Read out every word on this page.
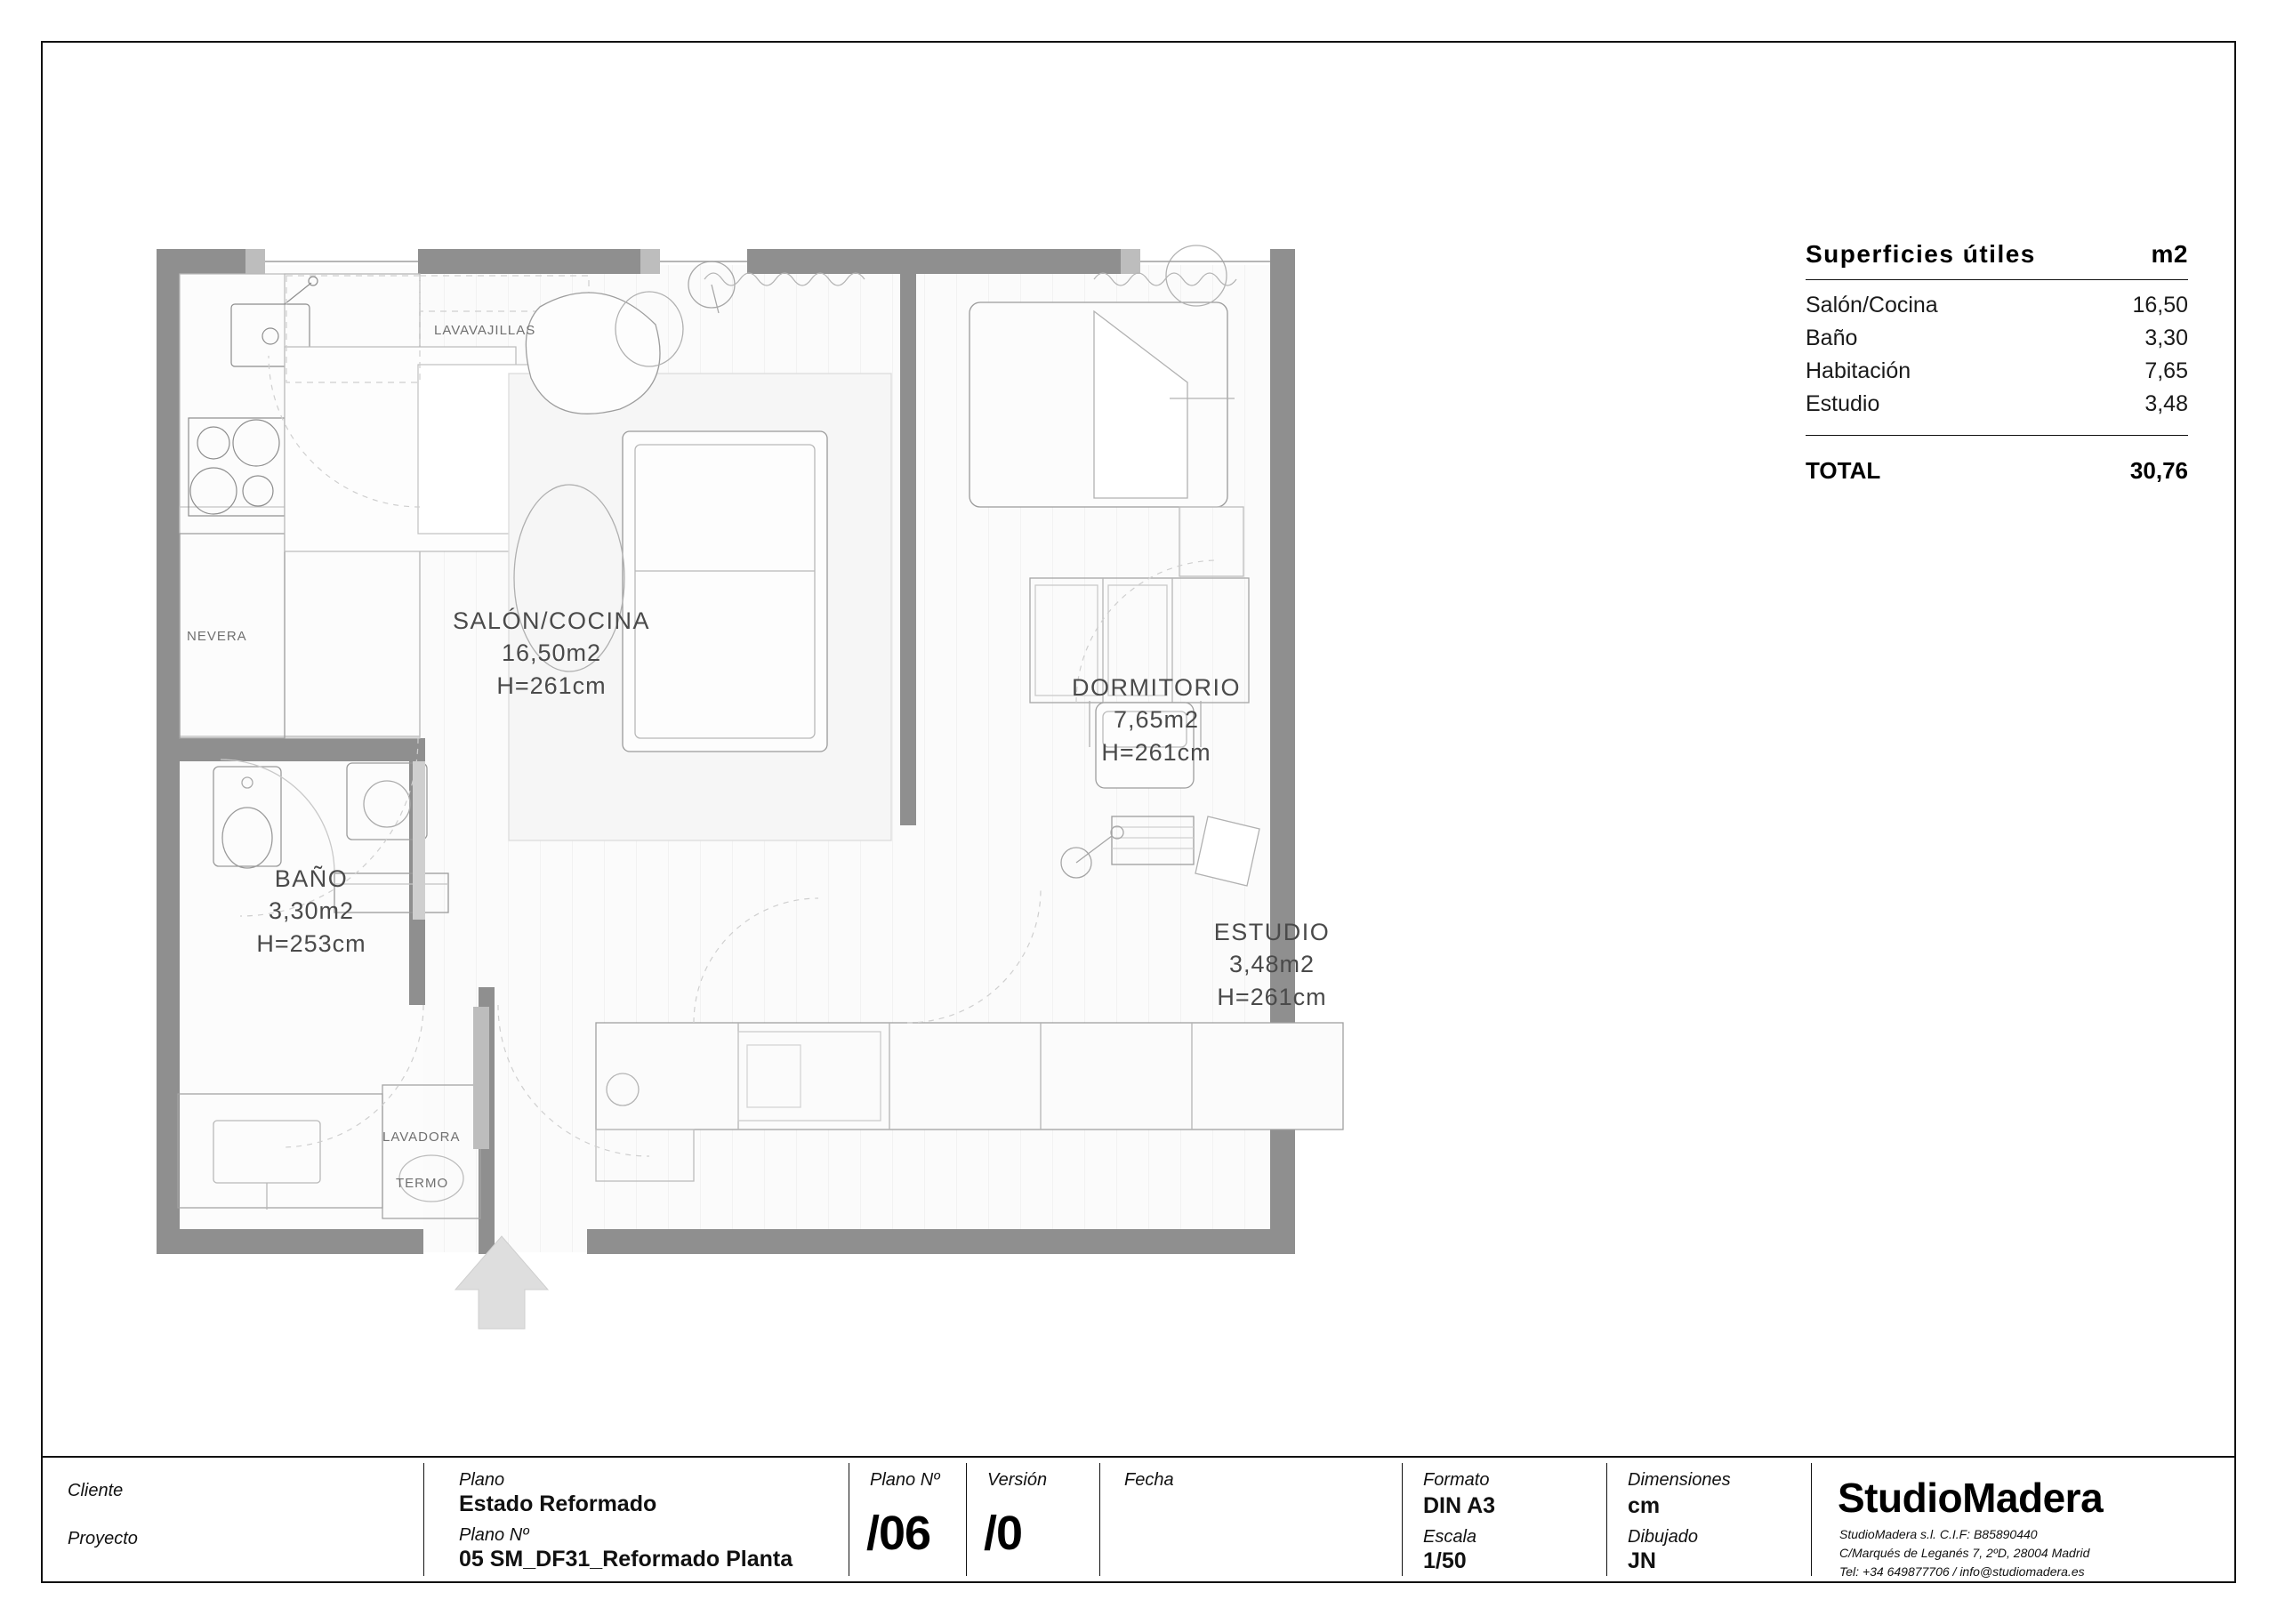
Superficies útiles	m2
Salón/Cocina	16,50
Baño	3,30
Habitación	7,65
Estudio	3,48
TOTAL	30,76
SALÓN/COCINA
16,50m2
H=261cm
BAÑO
3,30m2
H=253cm
DORMITORIO
7,65m2
H=261cm
ESTUDIO
3,48m2
H=261cm
LAVAVAJILLAS
NEVERA
LAVADORA
TERMO
Cliente
Proyecto
Plano
Estado Reformado
Plano Nº
05 SM_DF31_Reformado Planta
Plano Nº
/06
Versión
/0
Fecha	Formato
DIN A3
Escala
1/50
Dimensiones
cm
Dibujado
JN
StudioMadera
StudioMadera s.l. C.I.F: B85890440
C/Marqués de Leganés 7, 2ºD, 28004 Madrid
Tel: +34 649877706 / info@studiomadera.es
